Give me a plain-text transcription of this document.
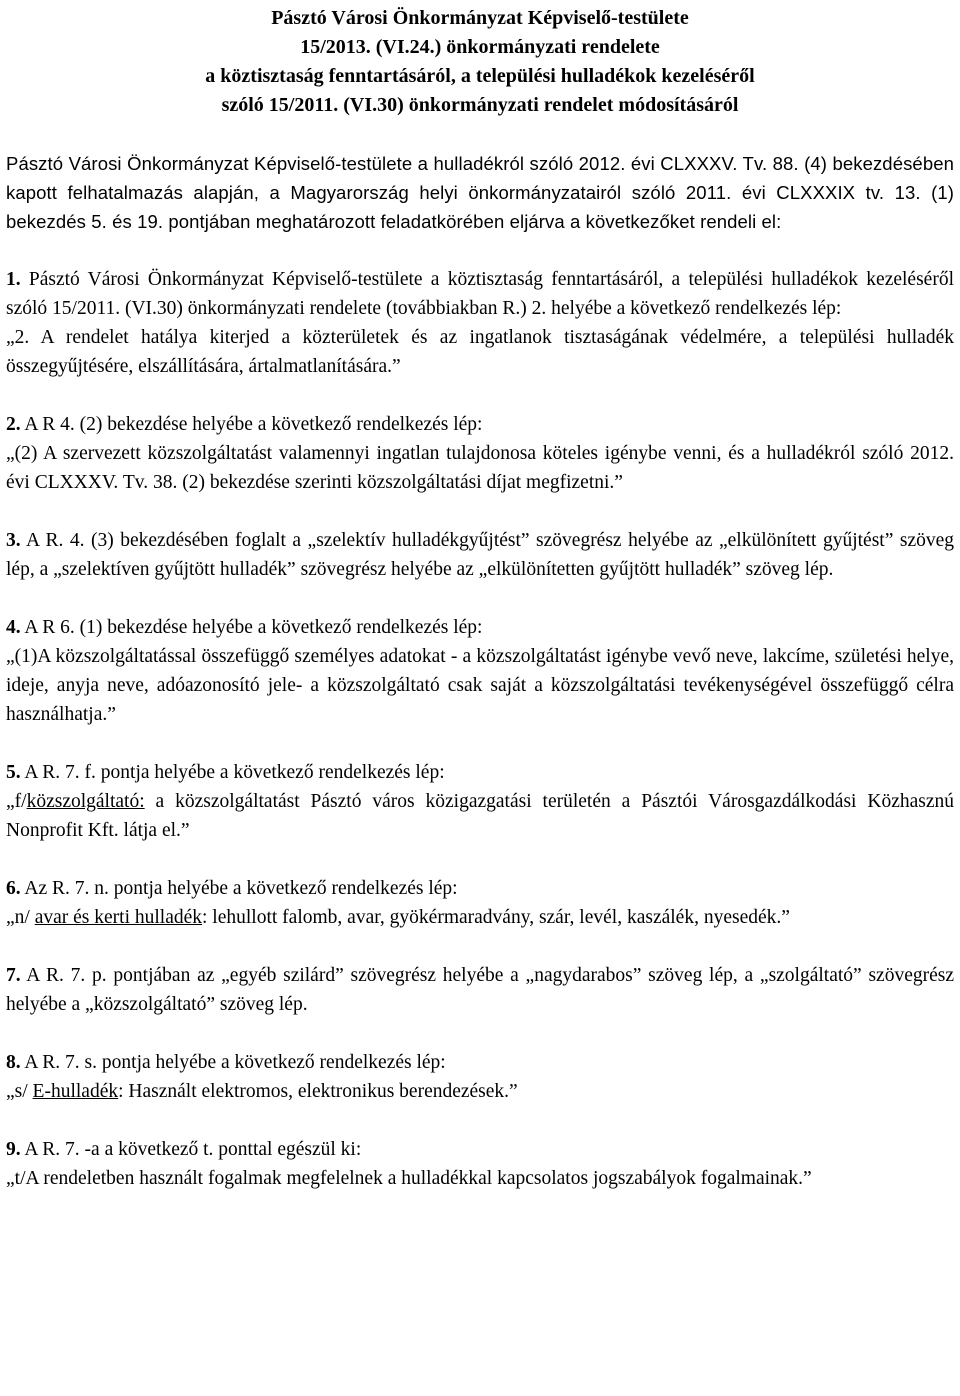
Pásztó Városi Önkormányzat Képviselő-testülete
15/2013. (VI.24.) önkormányzati rendelete
a köztisztaság fenntartásáról, a települési hulladékok kezeléséről
szóló 15/2011. (VI.30) önkormányzati rendelet módosításáról

Pásztó Városi Önkormányzat Képviselő-testülete a hulladékról szóló 2012. évi CLXXXV. Tv. 88. (4) bekezdésében kapott felhatalmazás alapján, a Magyarország helyi önkormányzatairól szóló 2011. évi CLXXXIX tv. 13. (1) bekezdés 5. és 19. pontjában meghatározott feladatkörében eljárva a következőket rendeli el:

1. Pásztó Városi Önkormányzat Képviselő-testülete a köztisztaság fenntartásáról, a települési hulladékok kezeléséről szóló 15/2011. (VI.30) önkormányzati rendelete (továbbiakban R.) 2. helyébe a következő rendelkezés lép:

„2. A rendelet hatálya kiterjed a közterületek és az ingatlanok tisztaságának védelmére, a települési hulladék összegyűjtésére, elszállítására, ártalmatlanítására.”

2. A R 4. (2) bekezdése helyébe a következő rendelkezés lép:

„(2) A szervezett közszolgáltatást valamennyi ingatlan tulajdonosa köteles igénybe venni, és a hulladékról szóló 2012. évi CLXXXV. Tv. 38. (2) bekezdése szerinti közszolgáltatási díjat megfizetni.”

3. A R. 4. (3) bekezdésében foglalt a „szelektív hulladékgyűjtést” szövegrész helyébe az „elkülönített gyűjtést” szöveg lép, a „szelektíven gyűjtött hulladék” szövegrész helyébe az „elkülönítetten gyűjtött hulladék” szöveg lép.

4. A R 6. (1) bekezdése helyébe a következő rendelkezés lép:

„(1)A közszolgáltatással összefüggő személyes adatokat - a közszolgáltatást igénybe vevő neve, lakcíme, születési helye, ideje, anyja neve, adóazonosító jele- a közszolgáltató csak saját a közszolgáltatási tevékenységével összefüggő célra használhatja.”

5. A R. 7. f. pontja helyébe a következő rendelkezés lép:

„f/közszolgáltató: a közszolgáltatást Pásztó város közigazgatási területén a Pásztói Városgazdálkodási Közhasznú Nonprofit Kft. látja el.”

6. Az R. 7. n. pontja helyébe a következő rendelkezés lép:

„n/ avar és kerti hulladék: lehullott falomb, avar, gyökérmaradvány, szár, levél, kaszálék, nyesedék.”

7. A R. 7. p. pontjában az „egyéb szilárd” szövegrész helyébe a „nagydarabos” szöveg lép, a „szolgáltató” szövegrész helyébe a „közszolgáltató” szöveg lép.

8. A R. 7. s. pontja helyébe a következő rendelkezés lép:

„s/ E-hulladék: Használt elektromos, elektronikus berendezések.”

9. A R. 7. -a a következő t. ponttal egészül ki:

„t/A rendeletben használt fogalmak megfelelnek a hulladékkal kapcsolatos jogszabályok fogalmainak.”
